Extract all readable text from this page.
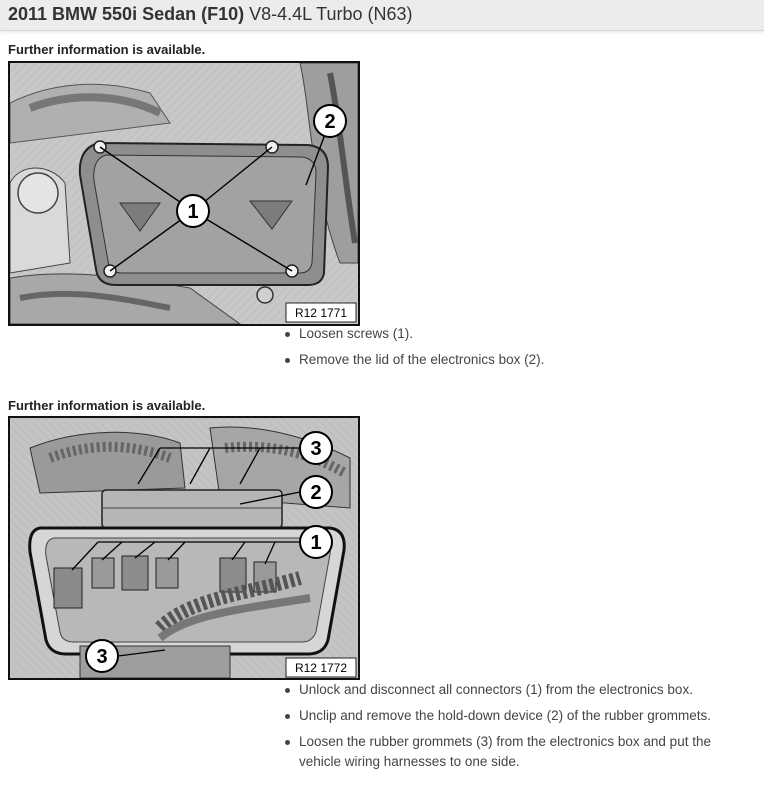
2011 BMW 550i Sedan (F10) V8-4.4L Turbo (N63)
Further information is available.
1
2
R12 1771
Loosen screws (1).
Remove the lid of the electronics box (2).
Further information is available.
3
2
1
3	R12 1772
Unlock and disconnect all connectors (1) from the electronics box.
Unclip and remove the hold-down device (2) of the rubber grommets.
Loosen the rubber grommets (3) from the electronics box and put the vehicle wiring harnesses to one side.
